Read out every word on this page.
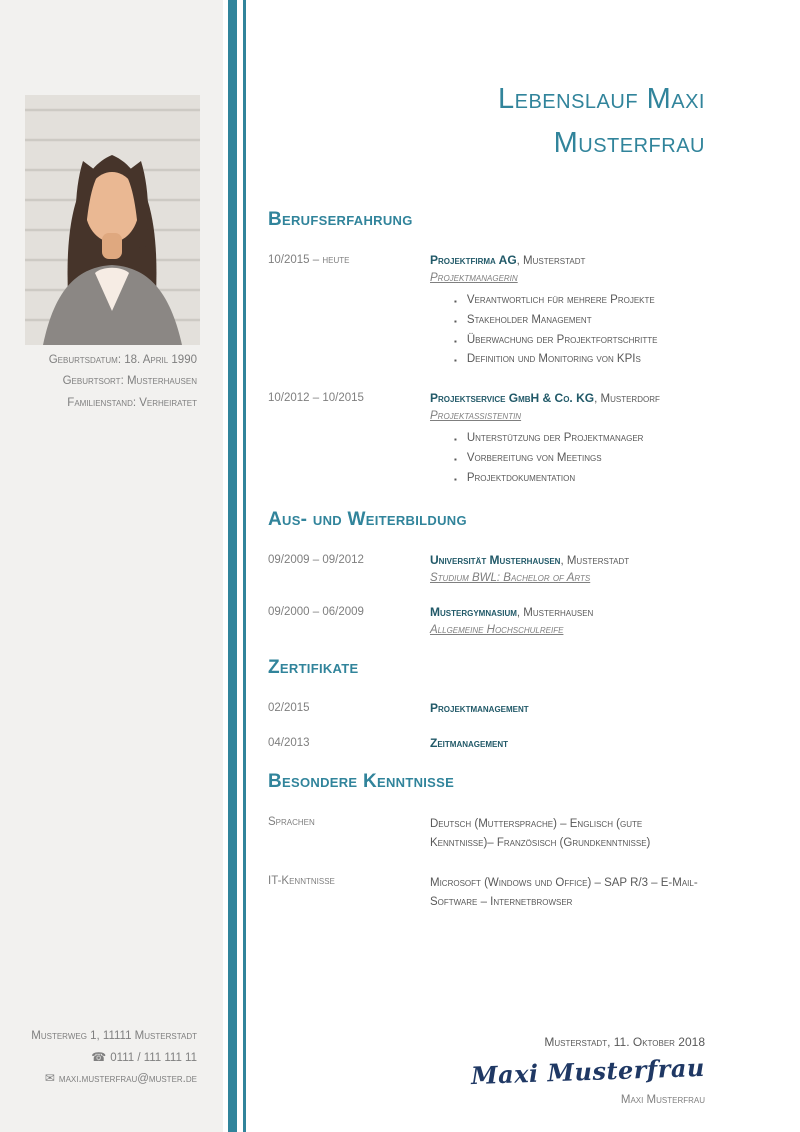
Geburtsdatum: 18. April 1990
Geburtsort: Musterhausen
Familienstand: Verheiratet
Musterweg 1, 11111 Musterstadt
☎ 0111 / 111 111 11
✉ maxi.musterfrau@muster.de
Lebenslauf Maxi
Musterfrau
Berufserfahrung
10/2015 – heute	Projektfirma AG, Musterstadt
Projektmanagerin
▪ Verantwortlich für mehrere Projekte
▪ Stakeholder Management
▪ Überwachung der Projektfortschritte
▪ Definition und Monitoring von KPIs
10/2012 – 10/2015	Projektservice GmbH & Co. KG, Musterdorf
Projektassistentin
▪ Unterstützung der Projektmanager
▪ Vorbereitung von Meetings
▪ Projektdokumentation
Aus- und Weiterbildung
09/2009 – 09/2012	Universität Musterhausen, Musterstadt
Studium BWL: Bachelor of Arts
09/2000 – 06/2009	Mustergymnasium, Musterhausen
Allgemeine Hochschulreife
Zertifikate
02/2015	Projektmanagement
04/2013	Zeitmanagement
Besondere Kenntnisse
Sprachen	Deutsch (Muttersprache) – Englisch (gute Kenntnisse)– Französisch (Grundkenntnisse)
IT-Kenntnisse	Microsoft (Windows und Office) – SAP R/3 – E-Mail-Software – Internetbrowser
Musterstadt, 11. Oktober 2018
Maxi Musterfrau
Maxi Musterfrau
